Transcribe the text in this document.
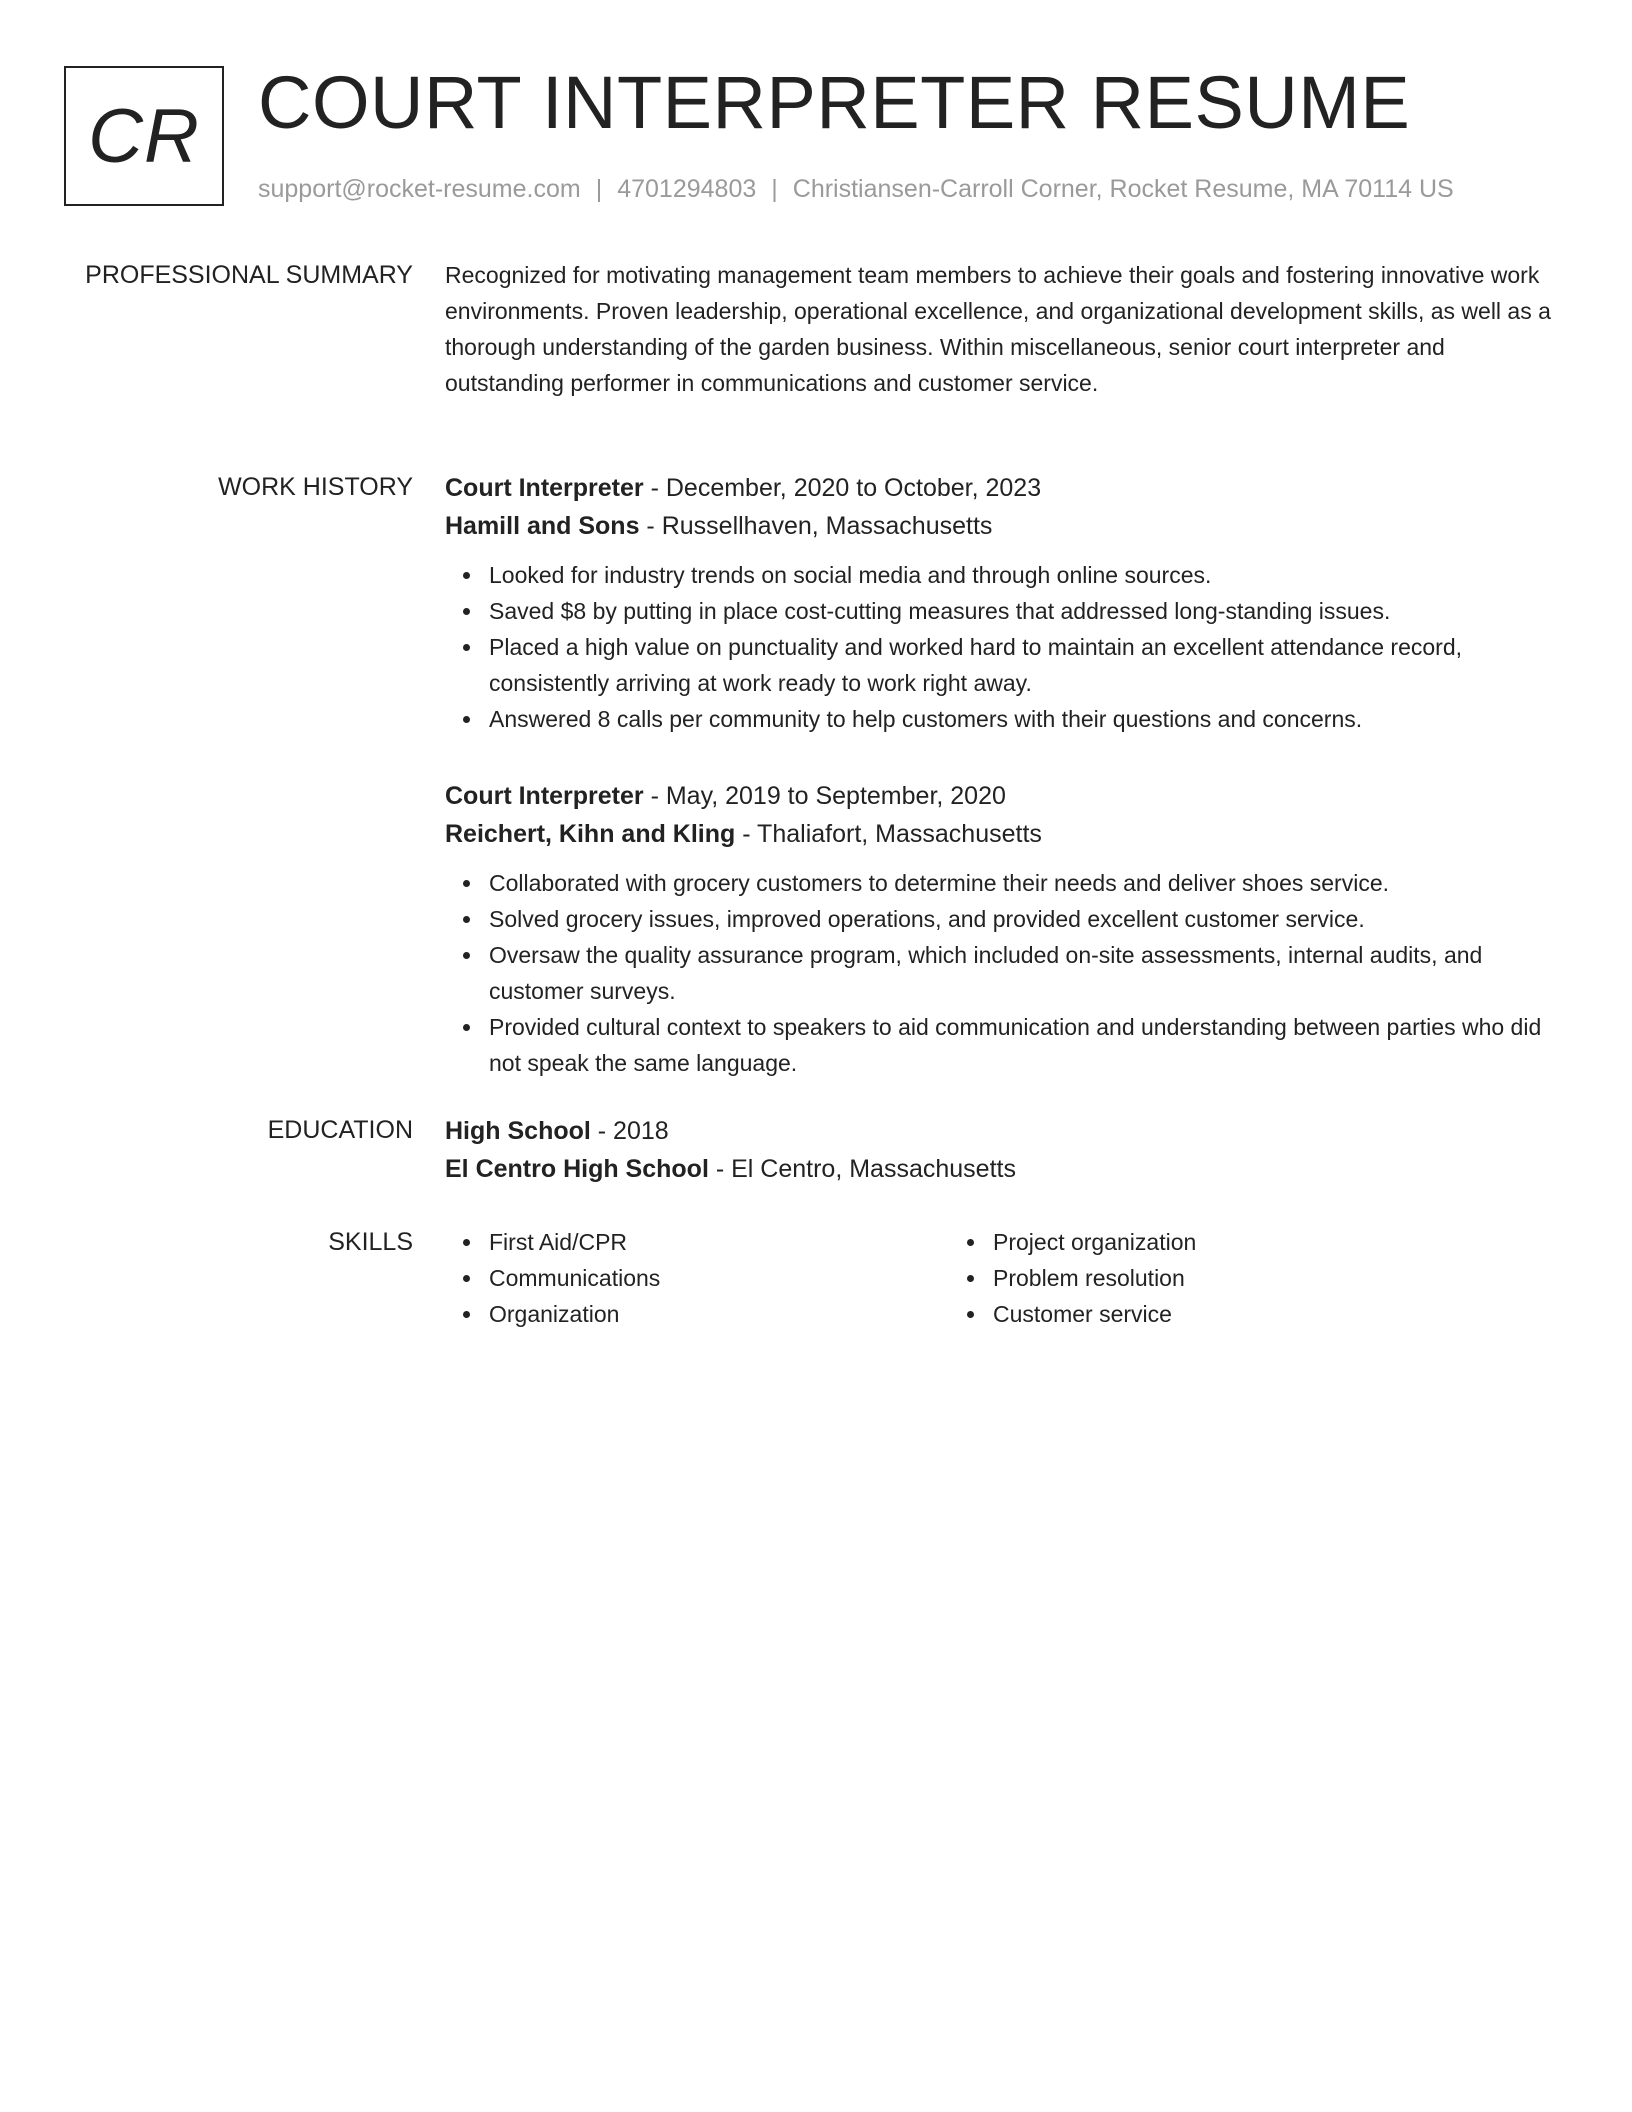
CR COURT INTERPRETER RESUME
support@rocket-resume.com | 4701294803 | Christiansen-Carroll Corner, Rocket Resume, MA 70114 US
PROFESSIONAL SUMMARY Recognized for motivating management team members to achieve their goals and fostering innovative work environments. Proven leadership, operational excellence, and organizational development skills, as well as a thorough understanding of the garden business. Within miscellaneous, senior court interpreter and outstanding performer in communications and customer service.

WORK HISTORY Court Interpreter - December, 2020 to October, 2023

Hamill and Sons - Russellhaven, Massachusetts

Looked for industry trends on social media and through online sources.
Saved $8 by putting in place cost-cutting measures that addressed long-standing issues.
Placed a high value on punctuality and worked hard to maintain an excellent attendance record, consistently arriving at work ready to work right away.
Answered 8 calls per community to help customers with their questions and concerns.

Court Interpreter - May, 2019 to September, 2020

Reichert, Kihn and Kling - Thaliafort, Massachusetts

Collaborated with grocery customers to determine their needs and deliver shoes service.
Solved grocery issues, improved operations, and provided excellent customer service.
Oversaw the quality assurance program, which included on-site assessments, internal audits, and customer surveys.
Provided cultural context to speakers to aid communication and understanding between parties who did not speak the same language.
EDUCATION High School - 2018

El Centro High School - El Centro, Massachusetts

SKILLS	First Aid/CPR
Communications
Organization
Project organization
Problem resolution
Customer service
